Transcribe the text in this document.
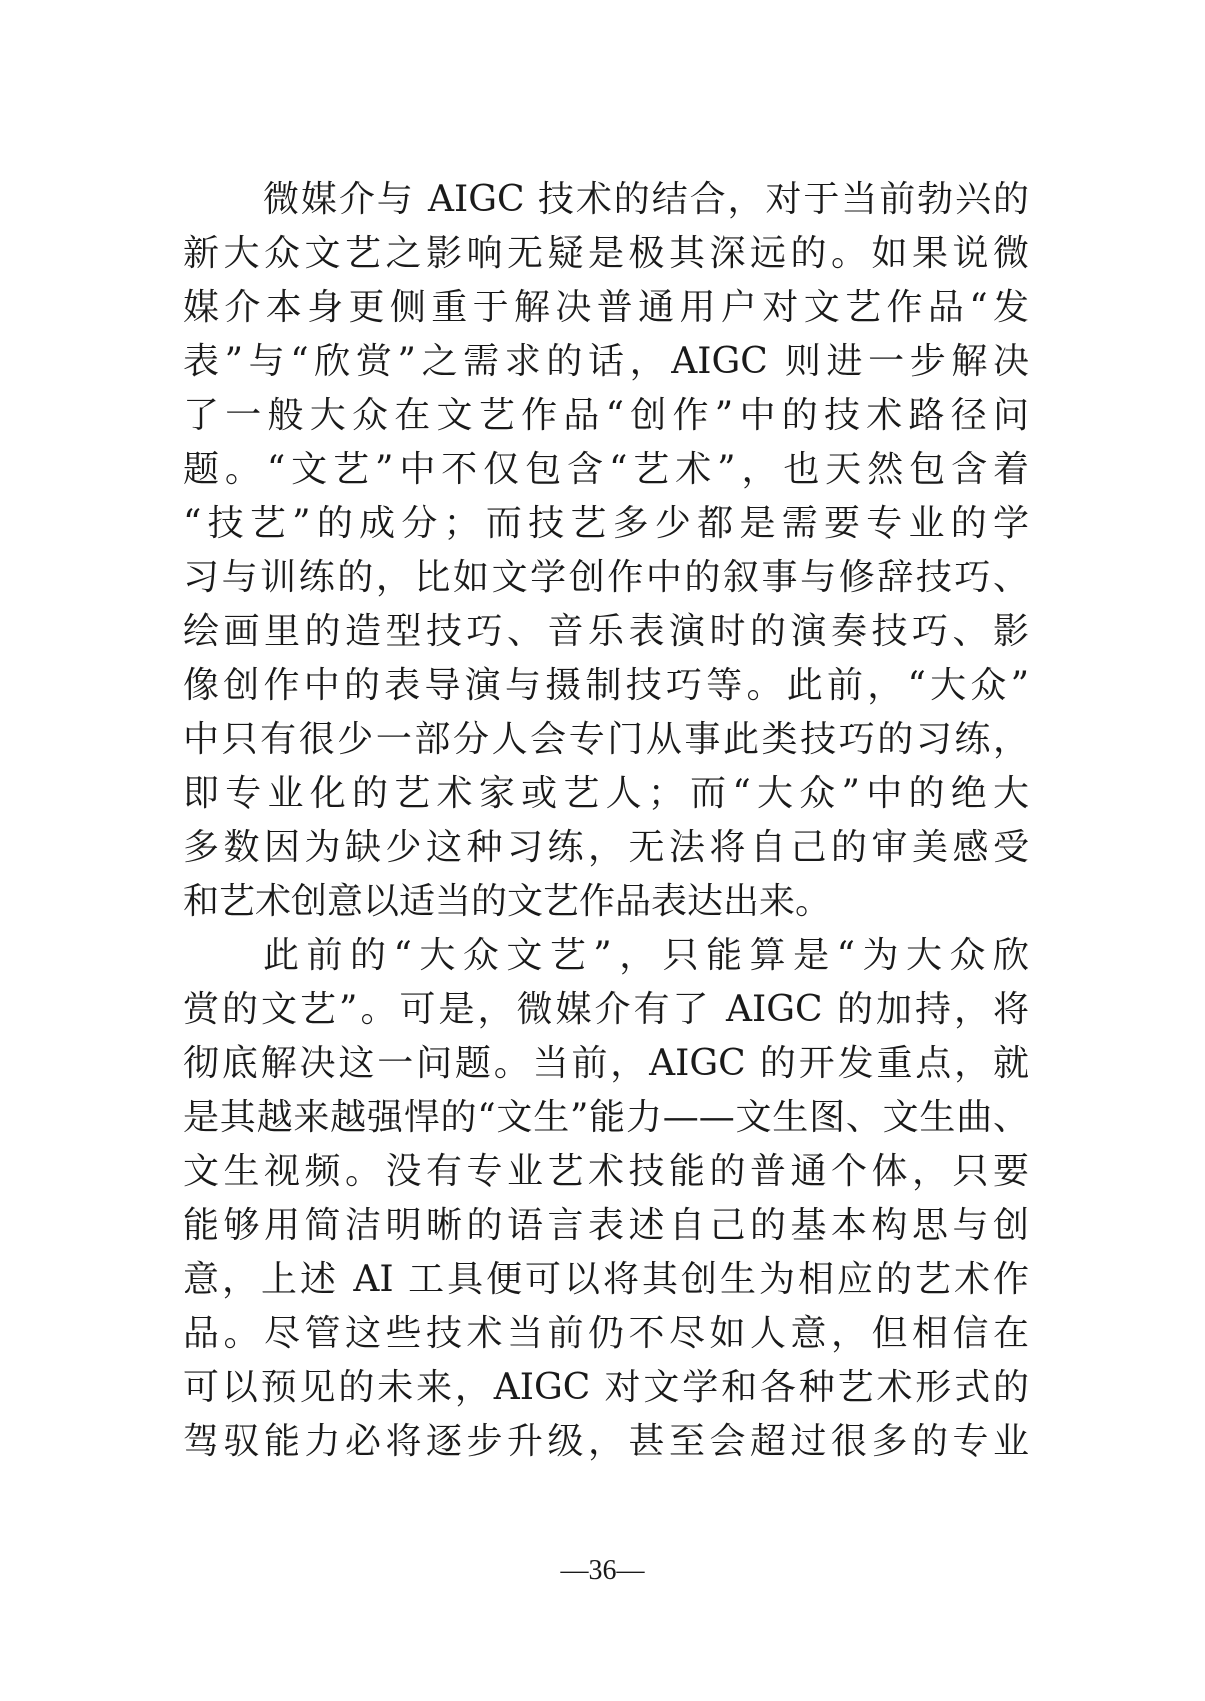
微媒介与 AIGC 技术的结合，对于当前勃兴的
新大众文艺之影响无疑是极其深远的。如果说微
媒介本身更侧重于解决普通用户对文艺作品“发
表”与“欣赏”之需求的话，AIGC 则进一步解决
了一般大众在文艺作品“创作”中的技术路径问
题。“文艺”中不仅包含“艺术”，也天然包含着
“技艺”的成分；而技艺多少都是需要专业的学
习与训练的，比如文学创作中的叙事与修辞技巧、
绘画里的造型技巧、音乐表演时的演奏技巧、影
像创作中的表导演与摄制技巧等。此前，“大众”
中只有很少一部分人会专门从事此类技巧的习练，
即专业化的艺术家或艺人；而“大众”中的绝大
多数因为缺少这种习练，无法将自己的审美感受
和艺术创意以适当的文艺作品表达出来。
此前的“大众文艺”，只能算是“为大众欣
赏的文艺”。可是，微媒介有了 AIGC 的加持，将
彻底解决这一问题。当前，AIGC 的开发重点，就
是其越来越强悍的“文生”能力——文生图、文生曲、
文生视频。没有专业艺术技能的普通个体，只要
能够用简洁明晰的语言表述自己的基本构思与创
意，上述 AI 工具便可以将其创生为相应的艺术作
品。尽管这些技术当前仍不尽如人意，但相信在
可以预见的未来，AIGC 对文学和各种艺术形式的
驾驭能力必将逐步升级，甚至会超过很多的专业
—36—
